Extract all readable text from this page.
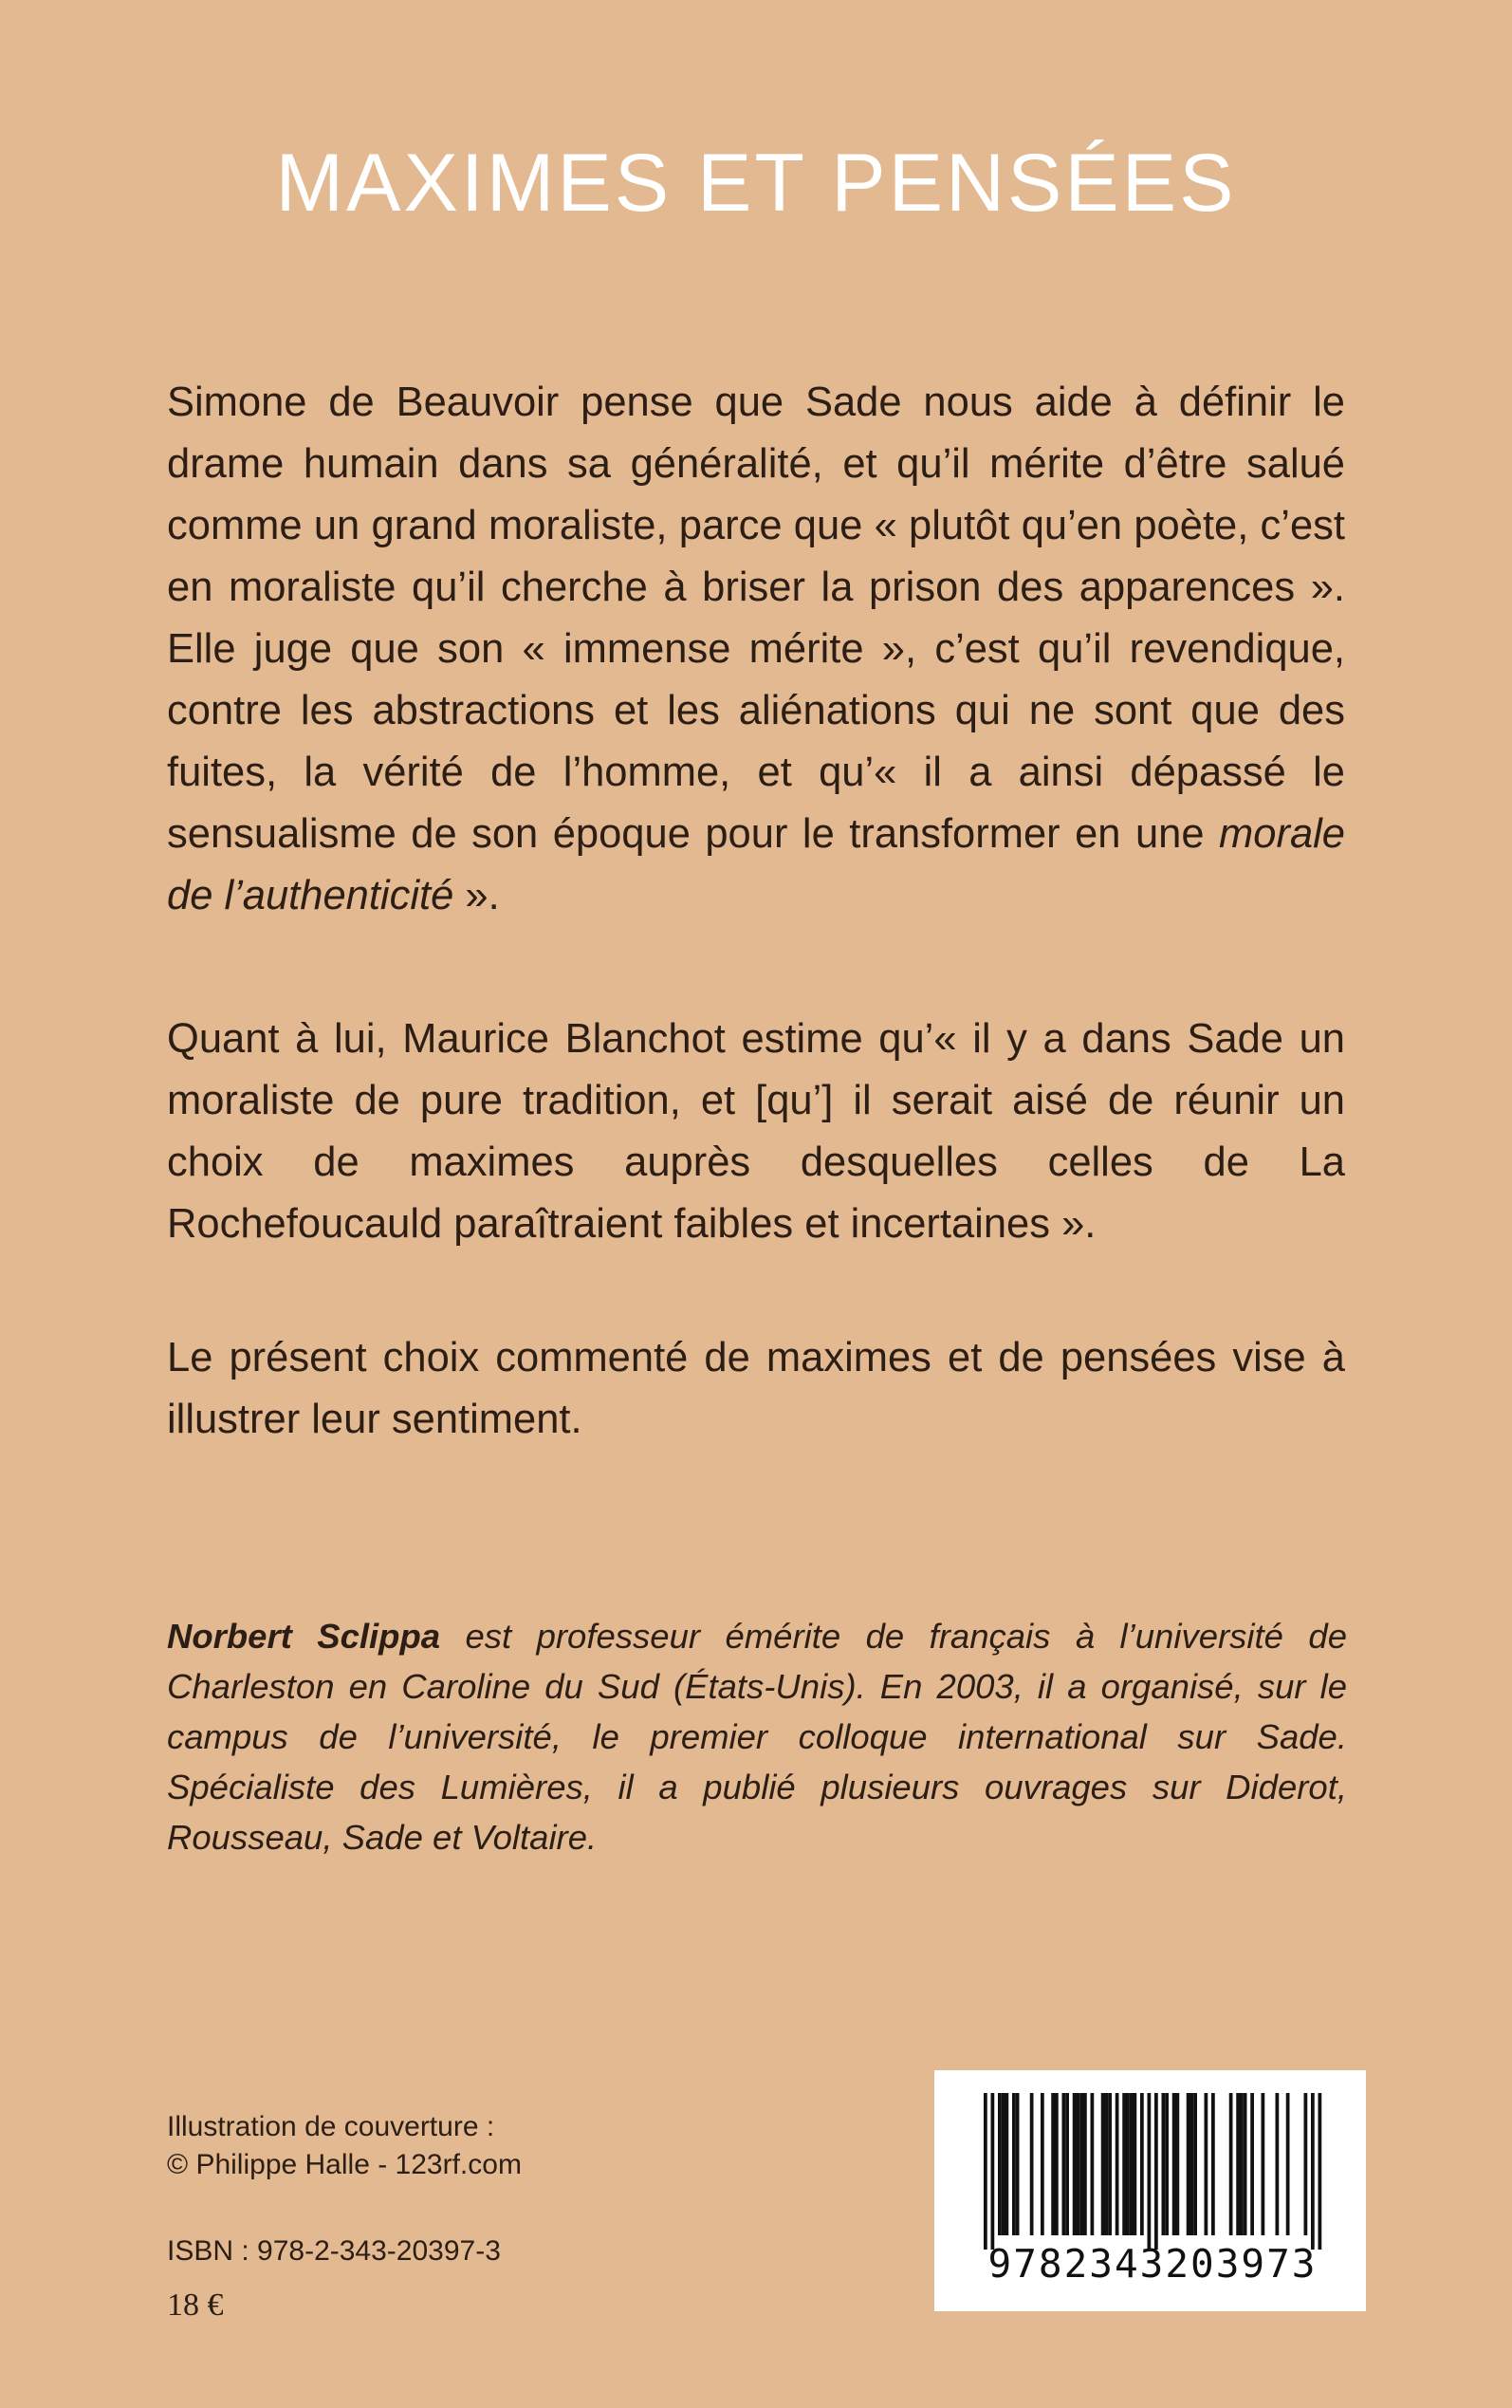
MAXIMES ET PENSÉES

Simone de Beauvoir pense que Sade nous aide à définir le drame humain dans sa généralité, et qu’il mérite d’être salué comme un grand moraliste, parce que « plutôt qu’en poète, c’est en moraliste qu’il cherche à briser la prison des apparences ». Elle juge que son « immense mérite », c’est qu’il revendique, contre les abstractions et les aliénations qui ne sont que des fuites, la vérité de l’homme, et qu’« il a ainsi dépassé le sensualisme de son époque pour le transformer en une morale de l’authenticité ».

Quant à lui, Maurice Blanchot estime qu’« il y a dans Sade un moraliste de pure tradition, et [qu’] il serait aisé de réunir un choix de maximes auprès desquelles celles de La Rochefoucauld paraîtraient faibles et incertaines ».

Le présent choix commenté de maximes et de pensées vise à illustrer leur sentiment.

Norbert Sclippa est professeur émérite de français à l’université de Charleston en Caroline du Sud (États-Unis). En 2003, il a organisé, sur le campus de l’université, le premier colloque international sur Sade. Spécialiste des Lumières, il a publié plusieurs ouvrages sur Diderot, Rousseau, Sade et Voltaire.

Illustration de couverture :
© Philippe Halle - 123rf.com
ISBN : 978-2-343-20397-3
18 €
9782343203973
